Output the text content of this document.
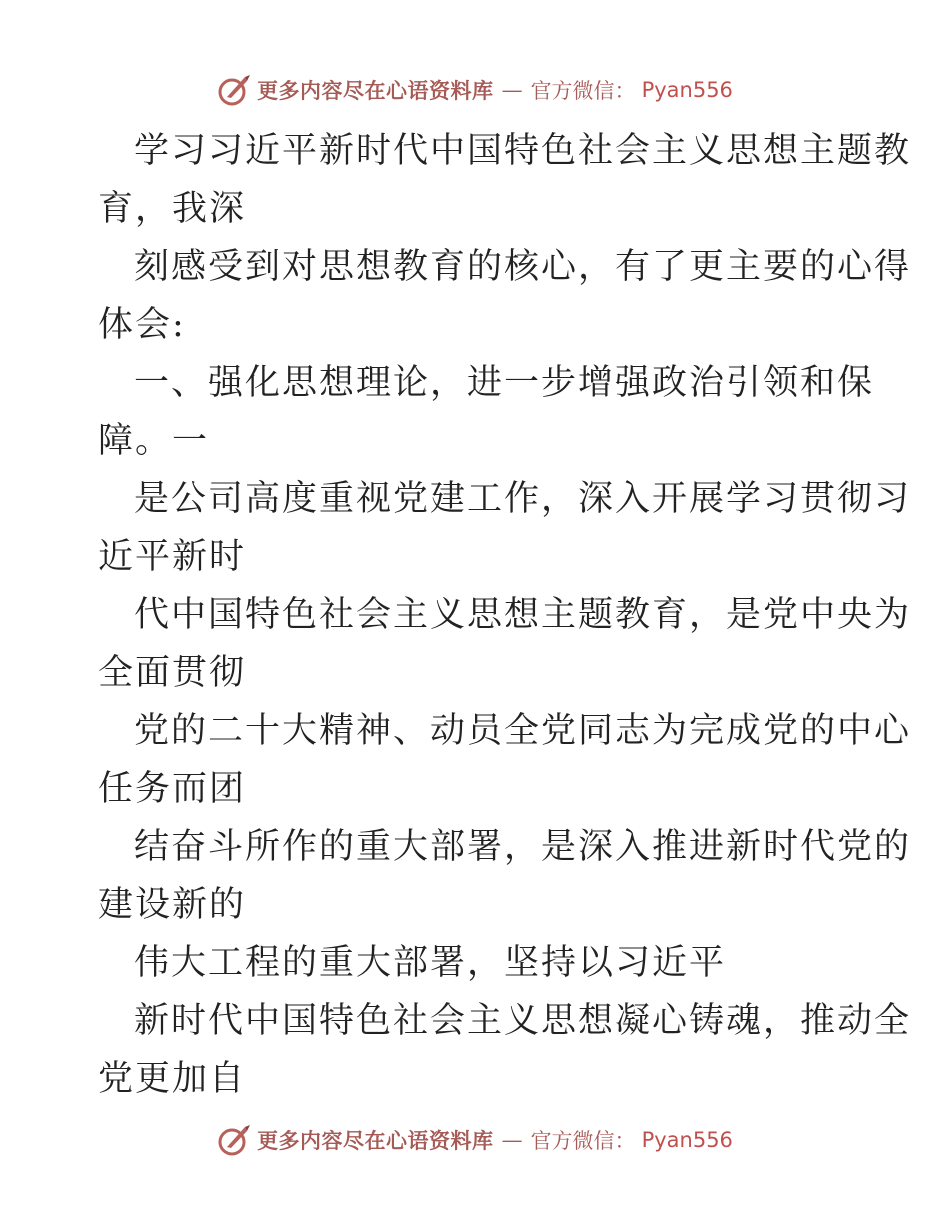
更多内容尽在心语资料库 — 官方微信： Pyan556
学习习近平新时代中国特色社会主义思想主题教
育，我深
刻感受到对思想教育的核心，有了更主要的心得
体会:
一、强化思想理论，进一步增强政治引领和保
障。一
是公司高度重视党建工作，深入开展学习贯彻习
近平新时
代中国特色社会主义思想主题教育，是党中央为
全面贯彻
党的二十大精神、动员全党同志为完成党的中心
任务而团
结奋斗所作的重大部署，是深入推进新时代党的
建设新的
伟大工程的重大部署，坚持以习近平
新时代中国特色社会主义思想凝心铸魂，推动全
党更加自
更多内容尽在心语资料库 — 官方微信： Pyan556
